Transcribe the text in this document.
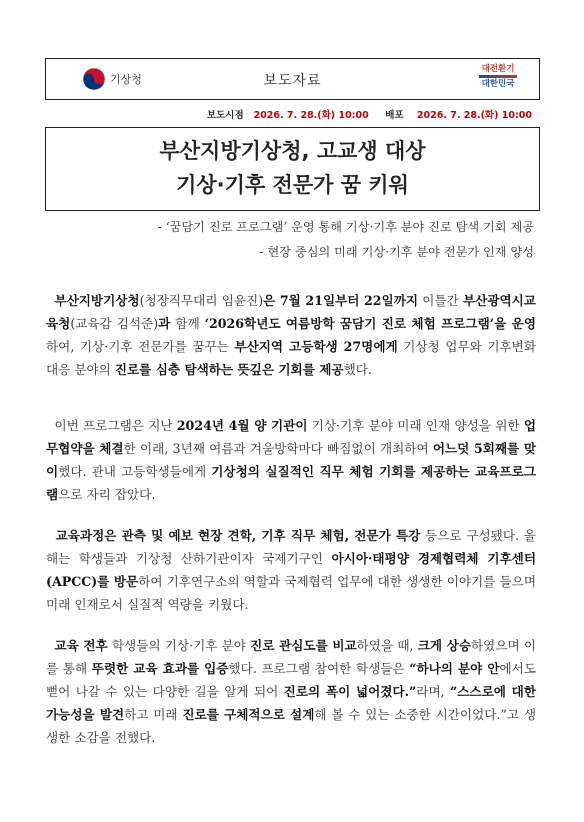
기상청	보도자료
대전환기
대한민국
보도시점 2026. 7. 28.(화) 10:00 배포 2026. 7. 28.(화) 10:00
부산지방기상청, 고교생 대상
기상·기후 전문가 꿈 키워
- ‘꿈담기 진로 프로그램’ 운영 통해 기상·기후 분야 진로 탐색 기회 제공
- 현장 중심의 미래 기상·기후 분야 전문가 인재 양성
부산지방기상청(청장직무대리 임윤진)은 7월 21일부터 22일까지 이틀간 부산광역시교육청(교육감 김석준)과 함께 ‘2026학년도 여름방학 꿈담기 진로 체험 프로그램’을 운영하여, 기상·기후 전문가를 꿈꾸는 부산지역 고등학생 27명에게 기상청 업무와 기후변화 대응 분야의 진로를 심층 탐색하는 뜻깊은 기회를 제공했다.
이번 프로그램은 지난 2024년 4월 양 기관이 기상·기후 분야 미래 인재 양성을 위한 업무협약을 체결한 이래, 3년째 여름과 겨울방학마다 빠짐없이 개최하여 어느덧 5회째를 맞이했다. 관내 고등학생들에게 기상청의 실질적인 직무 체험 기회를 제공하는 교육프로그램으로 자리 잡았다.
교육과정은 관측 및 예보 현장 견학, 기후 직무 체험, 전문가 특강 등으로 구성됐다. 올해는 학생들과 기상청 산하기관이자 국제기구인 아시아·태평양 경제협력체 기후센터(APCC)를 방문하여 기후연구소의 역할과 국제협력 업무에 대한 생생한 이야기를 들으며 미래 인재로서 실질적 역량을 키웠다.
교육 전후 학생들의 기상·기후 분야 진로 관심도를 비교하였을 때, 크게 상승하였으며 이를 통해 뚜렷한 교육 효과를 입증했다. 프로그램 참여한 학생들은 “하나의 분야 안에서도 뻗어 나갈 수 있는 다양한 길을 알게 되어 진로의 폭이 넓어졌다.”라며, “스스로에 대한 가능성을 발견하고 미래 진로를 구체적으로 설계해 볼 수 있는 소중한 시간이었다.”고 생생한 소감을 전했다.
